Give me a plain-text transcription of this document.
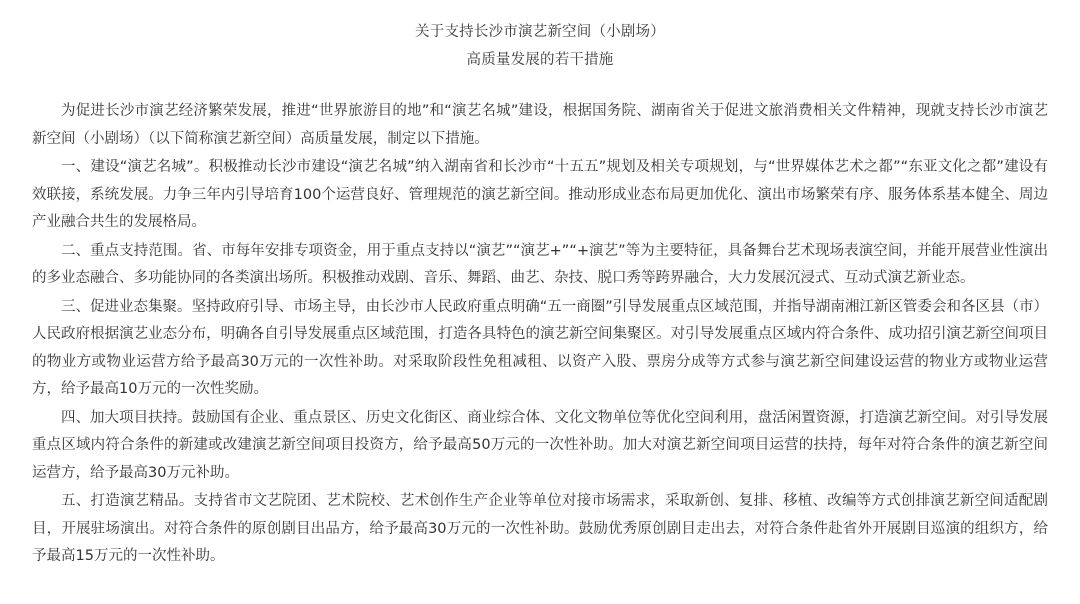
关于支持长沙市演艺新空间（小剧场）
高质量发展的若干措施

为促进长沙市演艺经济繁荣发展，推进“世界旅游目的地”和“演艺名城”建设，根据国务院、湖南省关于促进文旅消费相关文件精神，现就支持长沙市演艺新空间（小剧场）（以下简称演艺新空间）高质量发展，制定以下措施。

一、建设“演艺名城”。积极推动长沙市建设“演艺名城”纳入湖南省和长沙市“十五五”规划及相关专项规划，与“世界媒体艺术之都”“东亚文化之都”建设有效联接，系统发展。力争三年内引导培育100个运营良好、管理规范的演艺新空间。推动形成业态布局更加优化、演出市场繁荣有序、服务体系基本健全、周边产业融合共生的发展格局。

二、重点支持范围。省、市每年安排专项资金，用于重点支持以“演艺”“演艺+”“+演艺”等为主要特征，具备舞台艺术现场表演空间，并能开展营业性演出的多业态融合、多功能协同的各类演出场所。积极推动戏剧、音乐、舞蹈、曲艺、杂技、脱口秀等跨界融合，大力发展沉浸式、互动式演艺新业态。

三、促进业态集聚。坚持政府引导、市场主导，由长沙市人民政府重点明确“五一商圈”引导发展重点区域范围，并指导湖南湘江新区管委会和各区县（市）人民政府根据演艺业态分布，明确各自引导发展重点区域范围，打造各具特色的演艺新空间集聚区。对引导发展重点区域内符合条件、成功招引演艺新空间项目的物业方或物业运营方给予最高30万元的一次性补助。对采取阶段性免租减租、以资产入股、票房分成等方式参与演艺新空间建设运营的物业方或物业运营方，给予最高10万元的一次性奖励。

四、加大项目扶持。鼓励国有企业、重点景区、历史文化街区、商业综合体、文化文物单位等优化空间利用，盘活闲置资源，打造演艺新空间。对引导发展重点区域内符合条件的新建或改建演艺新空间项目投资方，给予最高50万元的一次性补助。加大对演艺新空间项目运营的扶持，每年对符合条件的演艺新空间运营方，给予最高30万元补助。

五、打造演艺精品。支持省市文艺院团、艺术院校、艺术创作生产企业等单位对接市场需求，采取新创、复排、移植、改编等方式创排演艺新空间适配剧目，开展驻场演出。对符合条件的原创剧目出品方，给予最高30万元的一次性补助。鼓励优秀原创剧目走出去，对符合条件赴省外开展剧目巡演的组织方，给予最高15万元的一次性补助。
